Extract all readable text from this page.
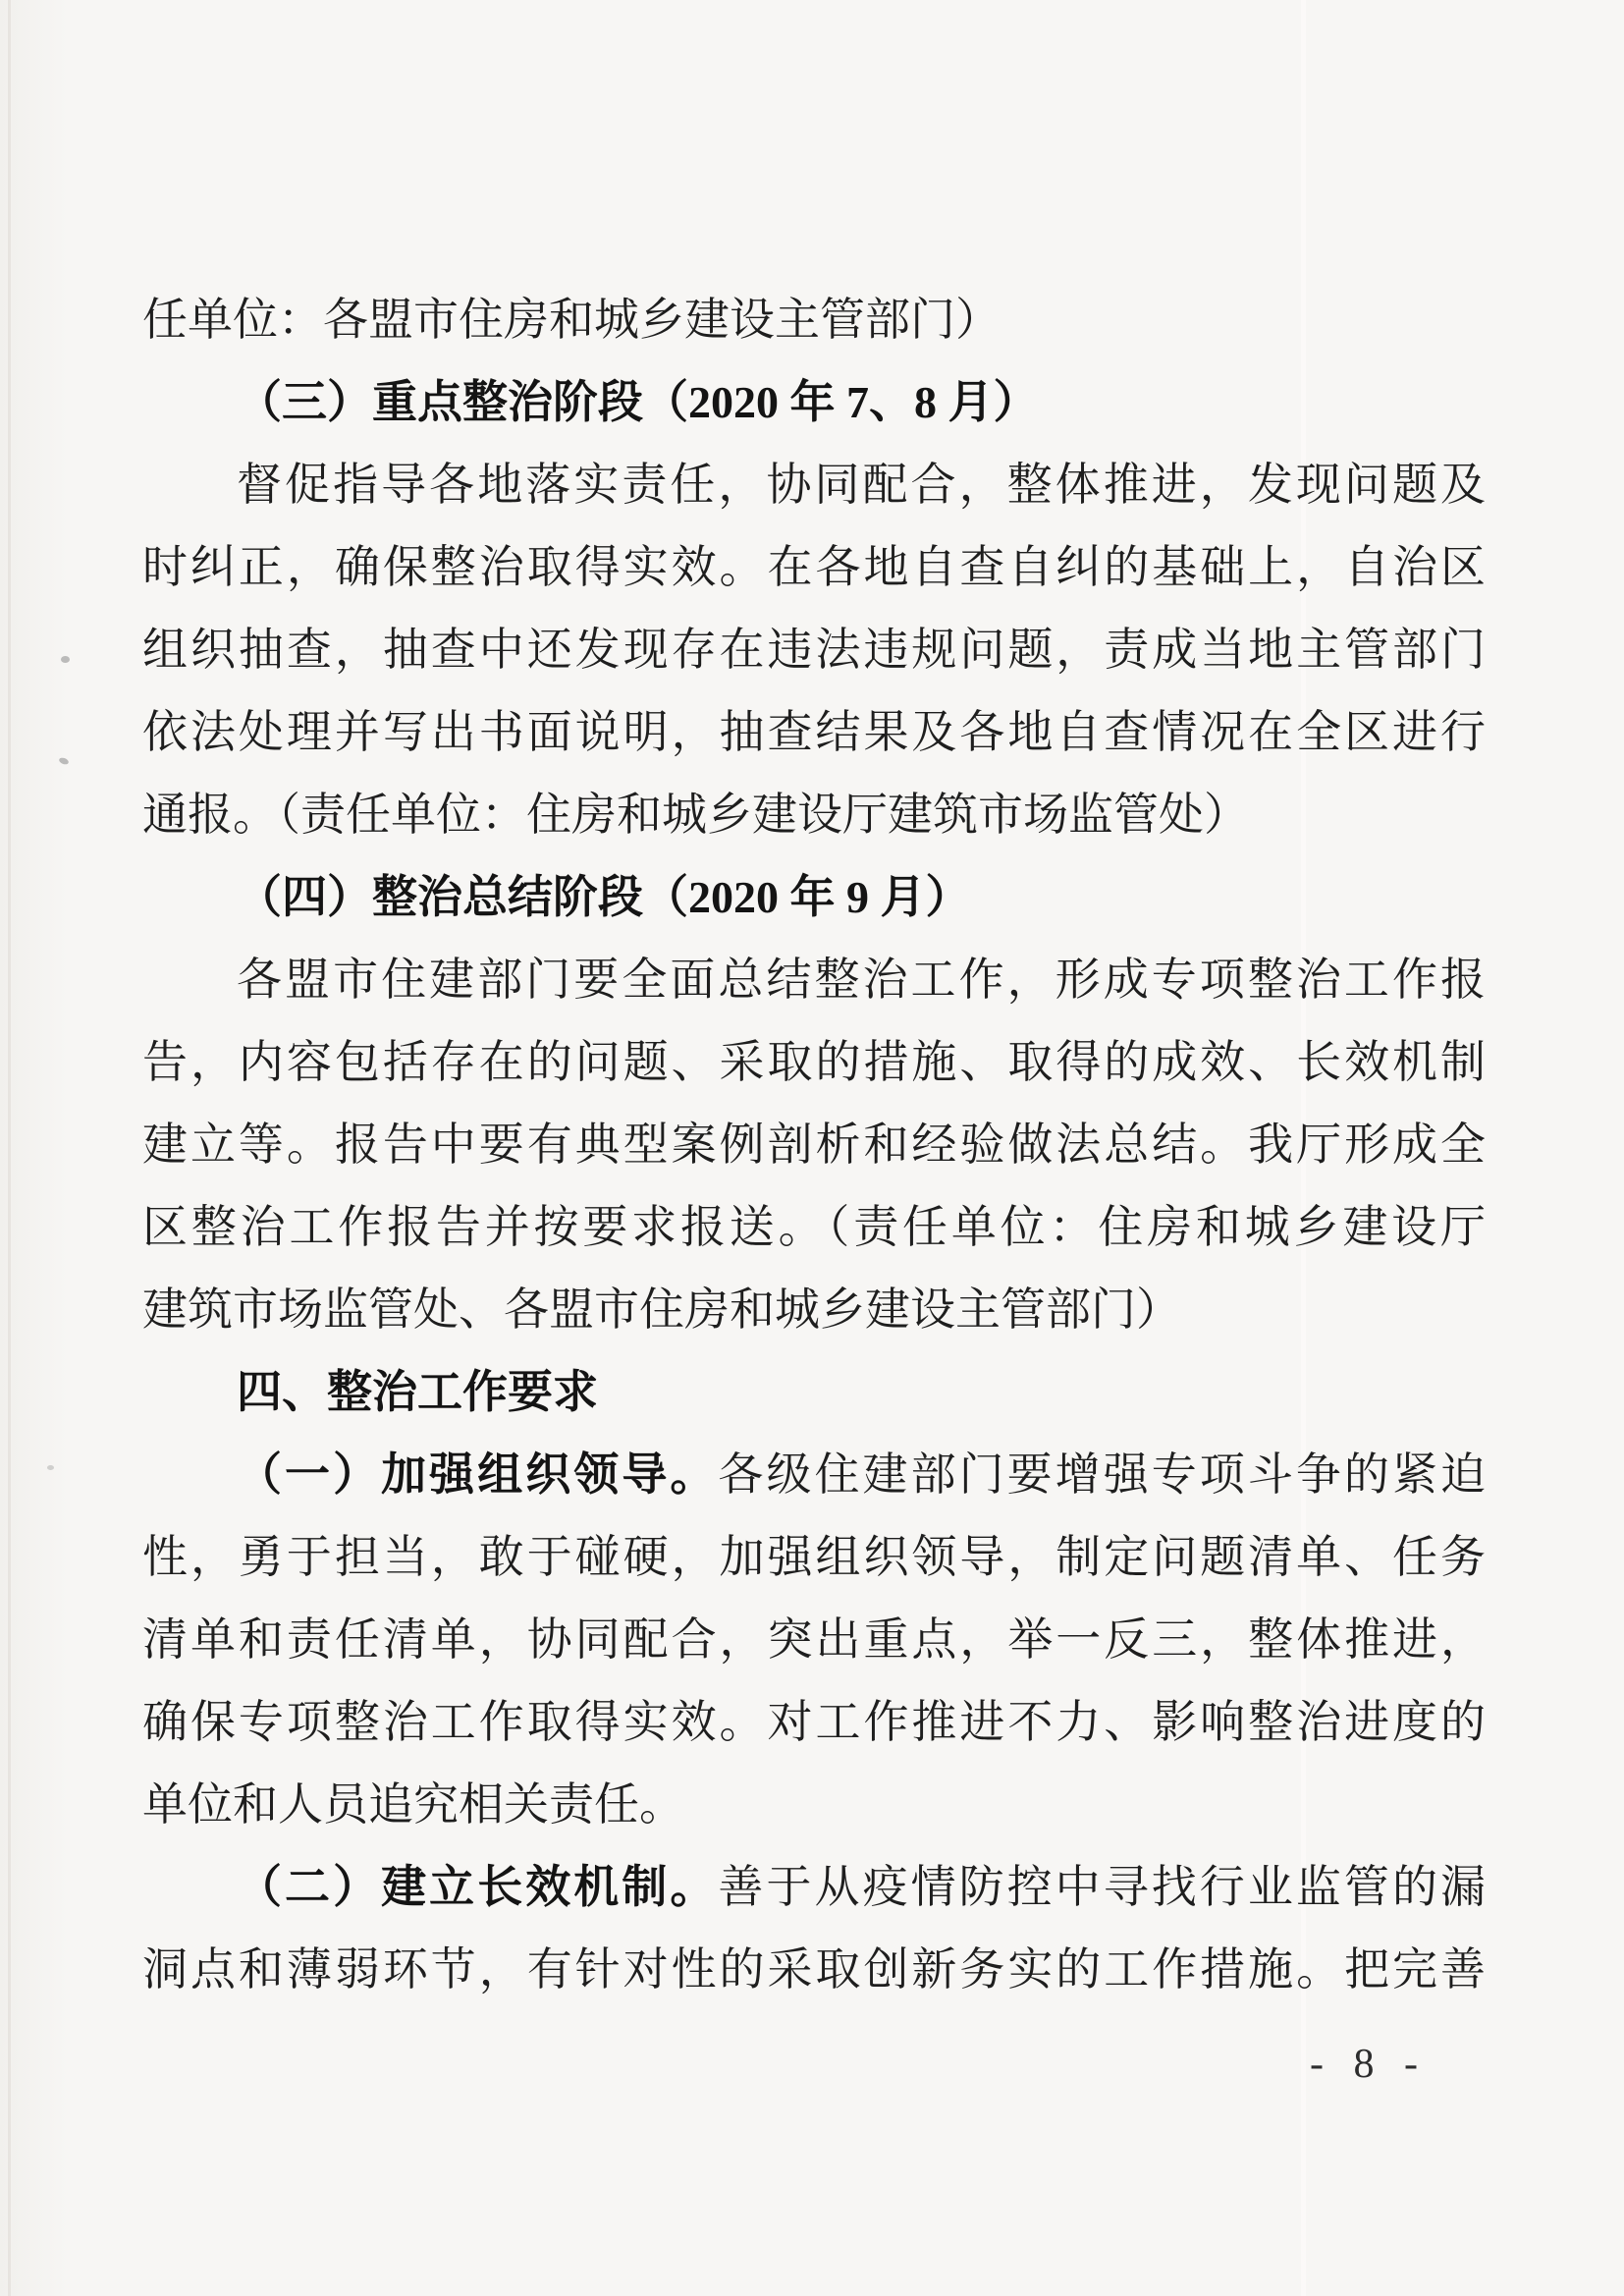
任单位：各盟市住房和城乡建设主管部门）
（三）重点整治阶段（2020 年 7、8 月）
督促指导各地落实责任，协同配合，整体推进，发现问题及
时纠正，确保整治取得实效。在各地自查自纠的基础上，自治区
组织抽查，抽查中还发现存在违法违规问题，责成当地主管部门
依法处理并写出书面说明，抽查结果及各地自查情况在全区进行
通报。（责任单位：住房和城乡建设厅建筑市场监管处）
（四）整治总结阶段（2020 年 9 月）
各盟市住建部门要全面总结整治工作，形成专项整治工作报
告，内容包括存在的问题、采取的措施、取得的成效、长效机制
建立等。报告中要有典型案例剖析和经验做法总结。我厅形成全
区整治工作报告并按要求报送。（责任单位：住房和城乡建设厅
建筑市场监管处、各盟市住房和城乡建设主管部门）
四、整治工作要求
（一）加强组织领导。各级住建部门要增强专项斗争的紧迫
性，勇于担当，敢于碰硬，加强组织领导，制定问题清单、任务
清单和责任清单，协同配合，突出重点，举一反三，整体推进，
确保专项整治工作取得实效。对工作推进不力、影响整治进度的
单位和人员追究相关责任。
（二）建立长效机制。善于从疫情防控中寻找行业监管的漏
洞点和薄弱环节，有针对性的采取创新务实的工作措施。把完善
- 8 -
